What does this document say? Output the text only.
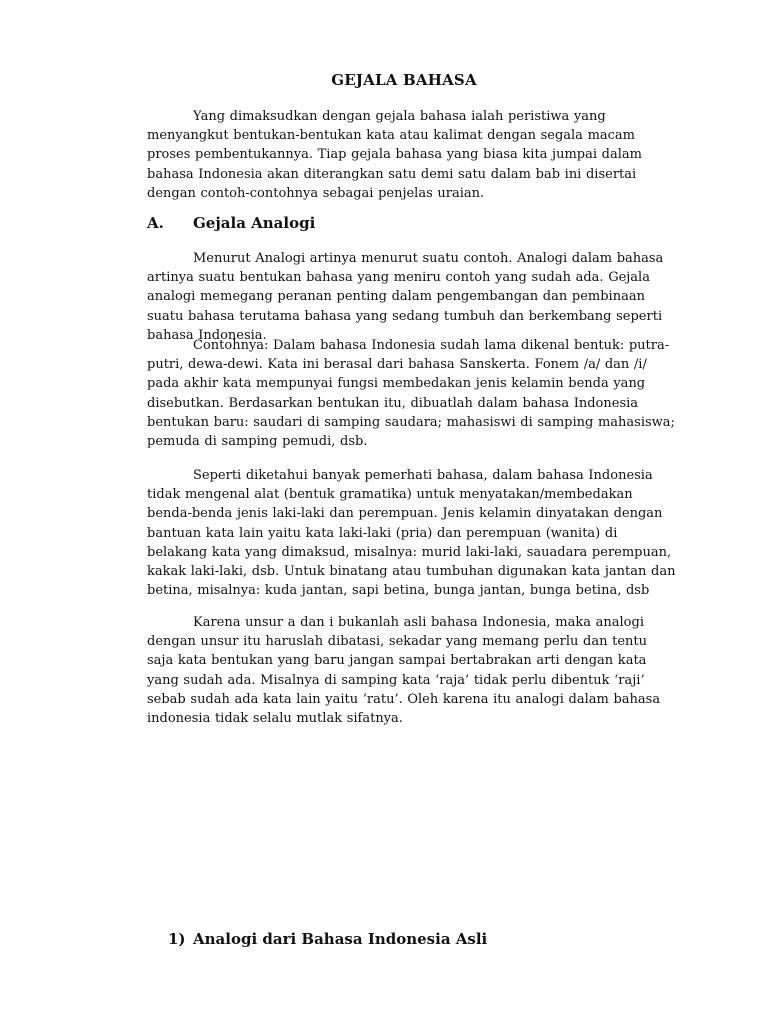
GEJALA BAHASA

Yang dimaksudkan dengan gejala bahasa ialah peristiwa yang menyangkut bentukan-bentukan kata atau kalimat dengan segala macam proses pembentukannya. Tiap gejala bahasa yang biasa kita jumpai dalam bahasa Indonesia akan diterangkan satu demi satu dalam bab ini disertai dengan contoh-contohnya sebagai penjelas uraian.

A. Gejala Analogi

Menurut Analogi artinya menurut suatu contoh. Analogi dalam bahasa artinya suatu bentukan bahasa yang meniru contoh yang sudah ada. Gejala analogi memegang peranan penting dalam pengembangan dan pembinaan suatu bahasa terutama bahasa yang sedang tumbuh dan berkembang seperti bahasa Indonesia.

Contohnya: Dalam bahasa Indonesia sudah lama dikenal bentuk: putra-putri, dewa-dewi. Kata ini berasal dari bahasa Sanskerta. Fonem /a/ dan /i/ pada akhir kata mempunyai fungsi membedakan jenis kelamin benda yang disebutkan. Berdasarkan bentukan itu, dibuatlah dalam bahasa Indonesia bentukan baru: saudari di samping saudara; mahasiswi di samping mahasiswa; pemuda di samping pemudi, dsb.

Seperti diketahui banyak pemerhati bahasa, dalam bahasa Indonesia tidak mengenal alat (bentuk gramatika) untuk menyatakan/membedakan benda-benda jenis laki-laki dan perempuan. Jenis kelamin dinyatakan dengan bantuan kata lain yaitu kata laki-laki (pria) dan perempuan (wanita) di belakang kata yang dimaksud, misalnya: murid laki-laki, sauadara perempuan, kakak laki-laki, dsb. Untuk binatang atau tumbuhan digunakan kata jantan dan betina, misalnya: kuda jantan, sapi betina, bunga jantan, bunga betina, dsb

Karena unsur a dan i bukanlah asli bahasa Indonesia, maka analogi dengan unsur itu haruslah dibatasi, sekadar yang memang perlu dan tentu saja kata bentukan yang baru jangan sampai bertabrakan arti dengan kata yang sudah ada. Misalnya di samping kata ‘raja’ tidak perlu dibentuk ‘raji’ sebab sudah ada kata lain yaitu ‘ratu’. Oleh karena itu analogi dalam bahasa indonesia tidak selalu mutlak sifatnya.

1) Analogi dari Bahasa Indonesia Asli
